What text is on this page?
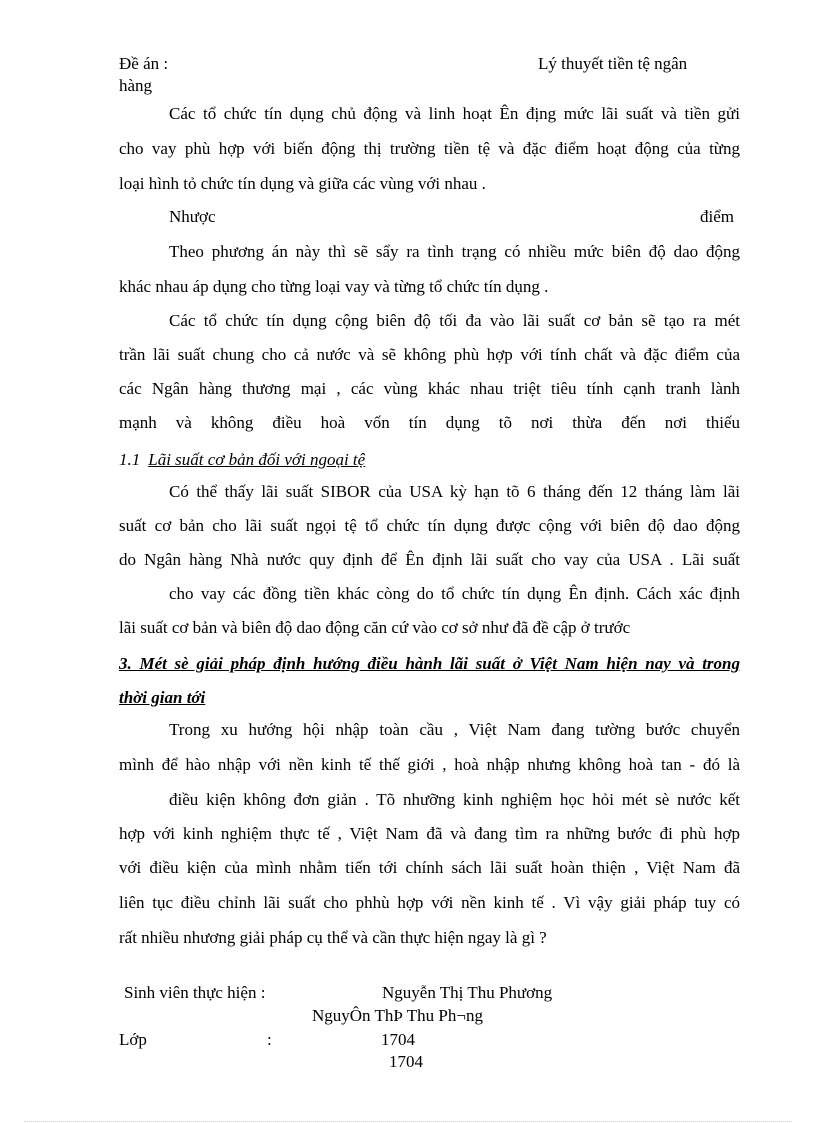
Đề án :	Lý thuyết tiền tệ ngân
hàng
Các tổ chức tín dụng chủ động và linh hoạt Ên địng mức lãi suất và tiền gửi
cho vay phù hợp với biến động thị trường tiền tệ và đặc điểm hoạt động của từng
loại hình tỏ chức tín dụng và giữa các vùng với nhau .
Nhược	điểm
Theo phương án này thì sẽ sẩy ra tình trạng có nhiều mức biên độ dao động
khác nhau áp dụng cho từng loại vay và từng tổ chức tín dụng .
Các tổ chức tín dụng cộng biên độ tối đa vào lãi suất cơ bản sẽ tạo ra mét
trần lãi suất chung cho cả nước và sẽ không phù hợp với tính chất và đặc điểm của
các Ngân hàng thương mại , các vùng khác nhau triệt tiêu tính cạnh tranh lành
mạnh và không điều hoà vốn tín dụng tõ nơi thừa đến nơi thiếu
1.1 Lãi suất cơ bản đối với ngoại tệ
Có thể thấy lãi suất SIBOR của USA kỳ hạn tõ 6 tháng đến 12 tháng làm lãi
suất cơ bản cho lãi suất ngọi tệ tổ chức tín dụng được cộng với biên độ dao động
do Ngân hàng Nhà nước quy định để Ên định lãi suất cho vay của USA . Lãi suất
cho vay các đồng tiền khác còng do tổ chức tín dụng Ên định. Cách xác định
lãi suất cơ bản và biên độ dao động căn cứ vào cơ sở như đã đề cập ở trước
3. Mét sè giải pháp định hướng điều hành lãi suất ở Việt Nam hiện nay và trong
thời gian tới
Trong xu hướng hội nhập toàn cầu , Việt Nam đang tường bước chuyển
mình để hào nhập với nền kinh tế thế giới , hoà nhập nhưng không hoà tan - đó là
điều kiện không đơn giản . Tõ nhưỡng kinh nghiệm học hỏi mét sè nước kết
hợp với kinh nghiệm thực tế , Việt Nam đã và đang tìm ra những bước đi phù hợp
với điều kiện của mình nhằm tiến tới chính sách lãi suất hoàn thiện , Việt Nam đã
liên tục điều chỉnh lãi suất cho phhù hợp với nền kinh tế . Vì vậy giải pháp tuy có
rất nhiều nhương giải pháp cụ thể và cần thực hiện ngay là gì ?
Sinh viên thực hiện :	Nguyễn Thị Thu Phương
NguyÔn ThÞ Thu Ph¬ng
Lớp	:	1704
1704
